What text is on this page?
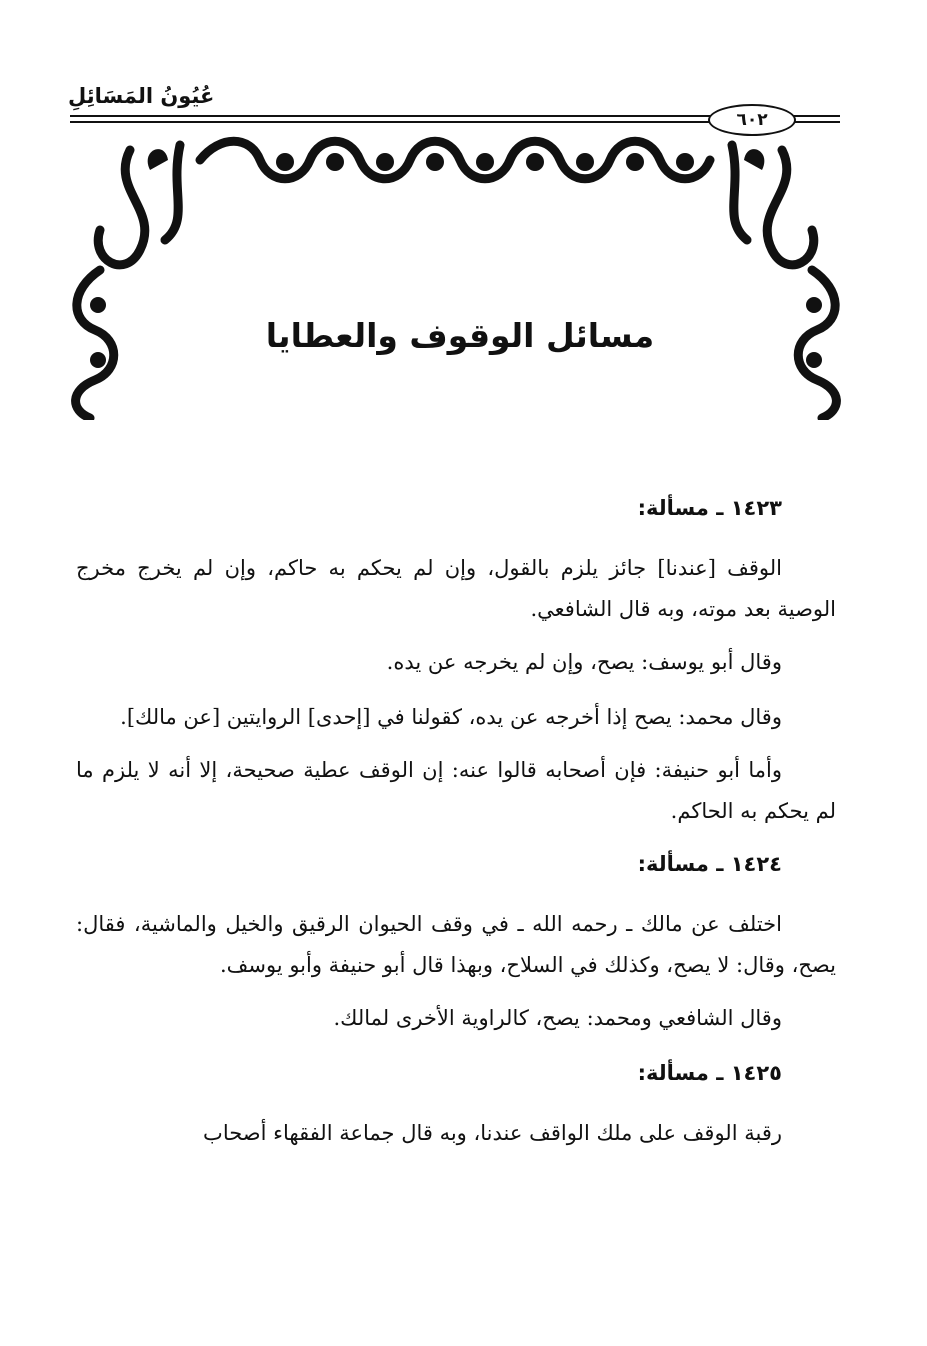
عُيُونُ المَسَائِلِ
٦٠٢
مسائل الوقوف والعطايا
١٤٢٣ ـ مسألة:

الوقف [عندنا] جائز يلزم بالقول، وإن لم يحكم به حاكم، وإن لم يخرج مخرج الوصية بعد موته، وبه قال الشافعي.

وقال أبو يوسف: يصح، وإن لم يخرجه عن يده.

وقال محمد: يصح إذا أخرجه عن يده، كقولنا في [إحدى] الروايتين [عن مالك].

وأما أبو حنيفة: فإن أصحابه قالوا عنه: إن الوقف عطية صحيحة، إلا أنه لا يلزم ما لم يحكم به الحاكم.

١٤٢٤ ـ مسألة:

اختلف عن مالك ـ رحمه الله ـ في وقف الحيوان الرقيق والخيل والماشية، فقال: يصح، وقال: لا يصح، وكذلك في السلاح، وبهذا قال أبو حنيفة وأبو يوسف.

وقال الشافعي ومحمد: يصح، كالراوية الأخرى لمالك.

١٤٢٥ ـ مسألة:

رقبة الوقف على ملك الواقف عندنا، وبه قال جماعة الفقهاء أصحاب
